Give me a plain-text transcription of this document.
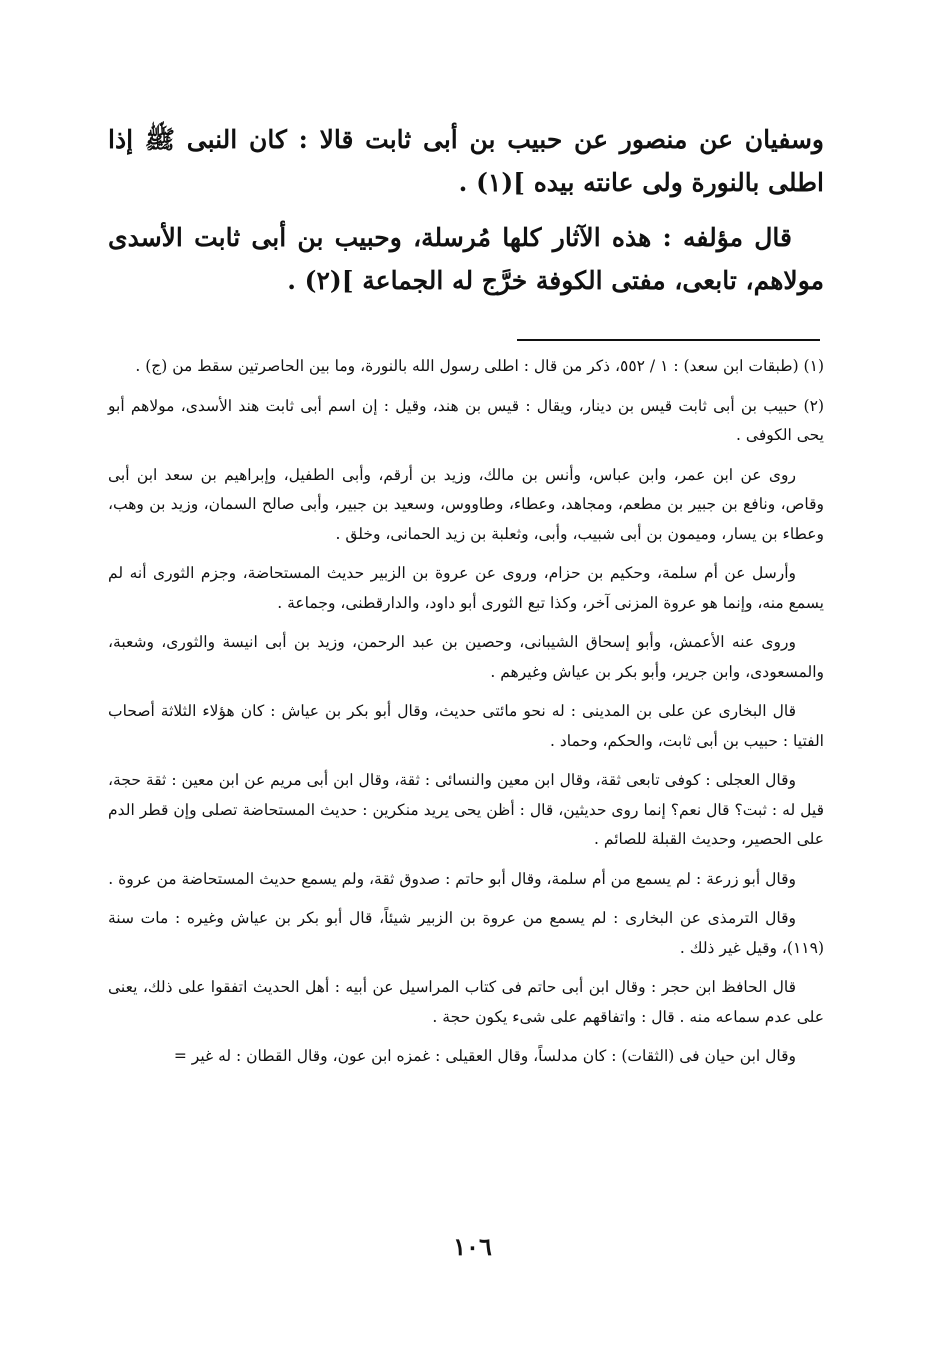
وسفيان عن منصور عن حبيب بن أبى ثابت قالا : كان النبى ﷺ إذا اطلى بالنورة ولى عانته بيده ](١) .

قال مؤلفه : هذه الآثار كلها مُرسلة، وحبيب بن أبى ثابت الأسدى مولاهم، تابعى، مفتى الكوفة خرَّج له الجماعة ](٢) .

(١) (طبقات ابن سعد) : ١ / ٥٥٢، ذكر من قال : اطلى رسول الله بالنورة، وما بين الحاصرتين سقط من (ج) .

(٢) حبيب بن أبى ثابت قيس بن دينار، ويقال : قيس بن هند، وقيل : إن اسم أبى ثابت هند الأسدى، مولاهم أبو يحى الكوفى .

روى عن ابن عمر، وابن عباس، وأنس بن مالك، وزيد بن أرقم، وأبى الطفيل، وإبراهيم بن سعد ابن أبى وقاص، ونافع بن جبير بن مطعم، ومجاهد، وعطاء، وطاووس، وسعيد بن جبير، وأبى صالح السمان، وزيد بن وهب، وعطاء بن يسار، وميمون بن أبى شبيب، وأبى، وثعلبة بن زيد الحمانى، وخلق .

وأرسل عن أم سلمة، وحكيم بن حزام، وروى عن عروة بن الزبير حديث المستحاضة، وجزم الثورى أنه لم يسمع منه، وإنما هو عروة المزنى آخر، وكذا تبع الثورى أبو داود، والدارقطنى، وجماعة .

وروى عنه الأعمش، وأبو إسحاق الشيبانى، وحصين بن عبد الرحمن، وزيد بن أبى انيسة والثورى، وشعبة، والمسعودى، وابن جرير، وأبو بكر بن عياش وغيرهم .

قال البخارى عن على بن المدينى : له نحو مائتى حديث، وقال أبو بكر بن عياش : كان هؤلاء الثلاثة أصحاب الفتيا : حبيب بن أبى ثابت، والحكم، وحماد .

وقال العجلى : كوفى تابعى ثقة، وقال ابن معين والنسائى : ثقة، وقال ابن أبى مريم عن ابن معين : ثقة حجة، قيل له : ثبت؟ قال نعم؟ إنما روى حديثين، قال : أظن يحى يريد منكرين : حديث المستحاضة تصلى وإن قطر الدم على الحصير، وحديث القبلة للصائم .

وقال أبو زرعة : لم يسمع من أم سلمة، وقال أبو حاتم : صدوق ثقة، ولم يسمع حديث المستحاضة من عروة .

وقال الترمذى عن البخارى : لم يسمع من عروة بن الزبير شيئاً، قال أبو بكر بن عياش وغيره : مات سنة (١١٩)، وقيل غير ذلك .

قال الحافظ ابن حجر : وقال ابن أبى حاتم فى كتاب المراسيل عن أبيه : أهل الحديث اتفقوا على ذلك، يعنى على عدم سماعه منه . قال : واتفاقهم على شىء يكون حجة .

وقال ابن حيان فى (الثقات) : كان مدلساً، وقال العقيلى : غمزه ابن عون، وقال القطان : له غير =

١٠٦
